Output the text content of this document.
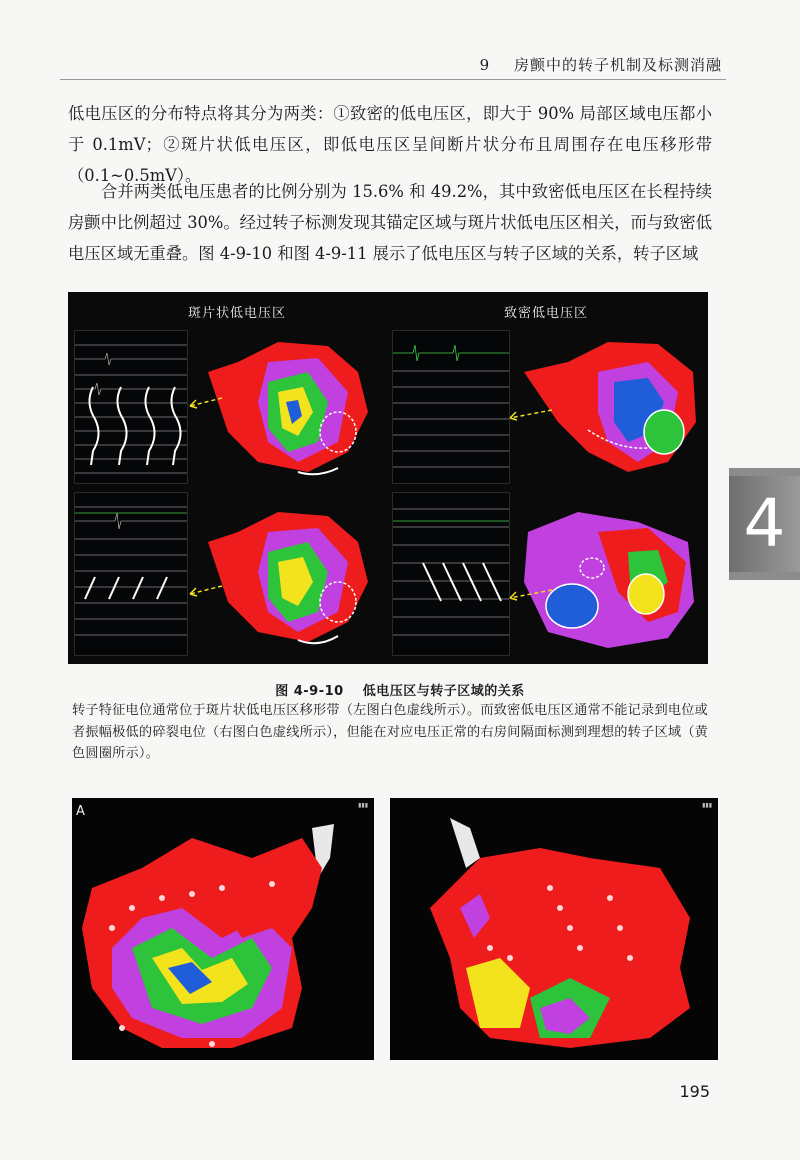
9 房颤中的转子机制及标测消融
低电压区的分布特点将其分为两类：①致密的低电压区，即大于 90% 局部区域电压都小于 0.1mV；②斑片状低电压区，即低电压区呈间断片状分布且周围存在电压移形带（0.1~0.5mV）。
合并两类低电压患者的比例分别为 15.6% 和 49.2%，其中致密低电压区在长程持续房颤中比例超过 30%。经过转子标测发现其锚定区域与斑片状低电压区相关，而与致密低电压区域无重叠。图 4-9-10 和图 4-9-11 展示了低电压区与转子区域的关系，转子区域
斑片状低电压区	致密低电压区
图 4-9-10 低电压区与转子区域的关系
转子特征电位通常位于斑片状低电压区移形带（左图白色虚线所示）。而致密低电压区通常不能记录到电位或者振幅极低的碎裂电位（右图白色虚线所示），但能在对应电压正常的右房间隔面标测到理想的转子区域（黄色圆圈所示）。
A	▮▮▮	▮▮▮
4
195
